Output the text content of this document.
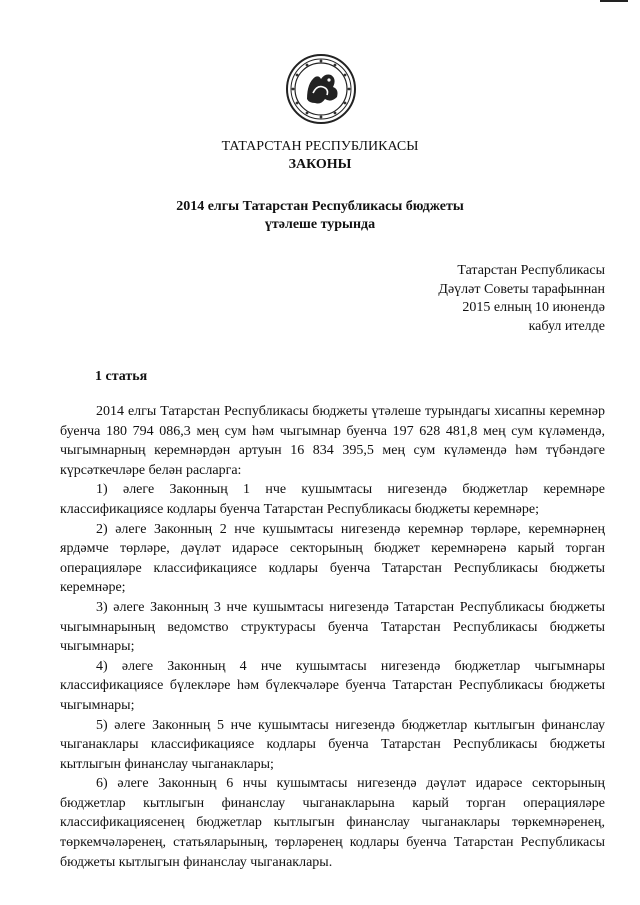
ТАТАРСТАН РЕСПУБЛИКАСЫ
ЗАКОНЫ
2014 елгы Татарстан Республикасы бюджеты
үтәлеше турында
Татарстан Республикасы
Дәүләт Советы тарафыннан
2015 елның 10 июнендә
кабул ителде
1 статья

2014 елгы Татарстан Республикасы бюджеты үтәлеше турындагы хисапны керемнәр буенча 180 794 086,3 мең сум һәм чыгымнар буенча 197 628 481,8 мең сум күләмендә, чыгымнарның керемнәрдән артуын 16 834 395,5 мең сум күләмендә һәм түбәндәге күрсәткечләре белән расларга:

1) әлеге Законның 1 нче кушымтасы нигезендә бюджетлар керемнәре классификациясе кодлары буенча Татарстан Республикасы бюджеты керемнәре;

2) әлеге Законның 2 нче кушымтасы нигезендә керемнәр төрләре, керемнәрнең ярдәмче төрләре, дәүләт идарәсе секторының бюджет керемнәренә карый торган операцияләре классификациясе кодлары буенча Татарстан Республикасы бюджеты керемнәре;

3) әлеге Законның 3 нче кушымтасы нигезендә Татарстан Республикасы бюджеты чыгымнарының ведомство структурасы буенча Татарстан Республикасы бюджеты чыгымнары;

4) әлеге Законның 4 нче кушымтасы нигезендә бюджетлар чыгымнары классификациясе бүлекләре һәм бүлекчәләре буенча Татарстан Республикасы бюджеты чыгымнары;

5) әлеге Законның 5 нче кушымтасы нигезендә бюджетлар кытлыгын финанслау чыганаклары классификациясе кодлары буенча Татарстан Республикасы бюджеты кытлыгын финанслау чыганаклары;

6) әлеге Законның 6 нчы кушымтасы нигезендә дәүләт идарәсе секторының бюджетлар кытлыгын финанслау чыганакларына карый торган операцияләре классификациясенең бюджетлар кытлыгын финанслау чыганаклары төркемнәренең, төркемчәләренең, статьяларының, төрләренең кодлары буенча Татарстан Республикасы бюджеты кытлыгын финанслау чыганаклары.
